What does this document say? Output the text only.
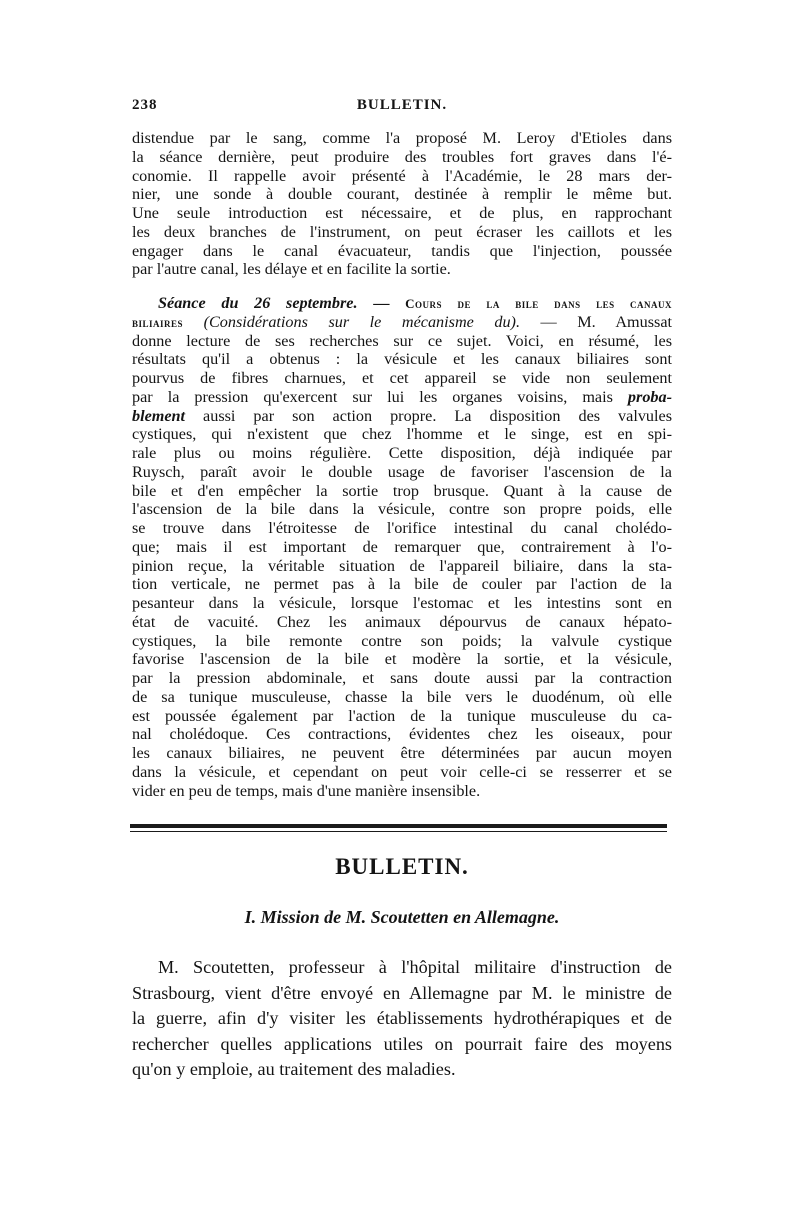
238	BULLETIN.
distendue par le sang, comme l'a proposé M. Leroy d'Etioles dans
la séance dernière, peut produire des troubles fort graves dans l'é-
conomie. Il rappelle avoir présenté à l'Académie, le 28 mars der-
nier, une sonde à double courant, destinée à remplir le même but.
Une seule introduction est nécessaire, et de plus, en rapprochant
les deux branches de l'instrument, on peut écraser les caillots et les
engager dans le canal évacuateur, tandis que l'injection, poussée
par l'autre canal, les délaye et en facilite la sortie.
Séance du 26 septembre. — Cours de la bile dans les canaux
biliaires (Considérations sur le mécanisme du). — M. Amussat
donne lecture de ses recherches sur ce sujet. Voici, en résumé, les
résultats qu'il a obtenus : la vésicule et les canaux biliaires sont
pourvus de fibres charnues, et cet appareil se vide non seulement
par la pression qu'exercent sur lui les organes voisins, mais proba-
blement aussi par son action propre. La disposition des valvules
cystiques, qui n'existent que chez l'homme et le singe, est en spi-
rale plus ou moins régulière. Cette disposition, déjà indiquée par
Ruysch, paraît avoir le double usage de favoriser l'ascension de la
bile et d'en empêcher la sortie trop brusque. Quant à la cause de
l'ascension de la bile dans la vésicule, contre son propre poids, elle
se trouve dans l'étroitesse de l'orifice intestinal du canal cholédo-
que; mais il est important de remarquer que, contrairement à l'o-
pinion reçue, la véritable situation de l'appareil biliaire, dans la sta-
tion verticale, ne permet pas à la bile de couler par l'action de la
pesanteur dans la vésicule, lorsque l'estomac et les intestins sont en
état de vacuité. Chez les animaux dépourvus de canaux hépato-
cystiques, la bile remonte contre son poids; la valvule cystique
favorise l'ascension de la bile et modère la sortie, et la vésicule,
par la pression abdominale, et sans doute aussi par la contraction
de sa tunique musculeuse, chasse la bile vers le duodénum, où elle
est poussée également par l'action de la tunique musculeuse du ca-
nal cholédoque. Ces contractions, évidentes chez les oiseaux, pour
les canaux biliaires, ne peuvent être déterminées par aucun moyen
dans la vésicule, et cependant on peut voir celle-ci se resserrer et se
vider en peu de temps, mais d'une manière insensible.
BULLETIN.
I. Mission de M. Scoutetten en Allemagne.
M. Scoutetten, professeur à l'hôpital militaire d'instruction de
Strasbourg, vient d'être envoyé en Allemagne par M. le ministre de
la guerre, afin d'y visiter les établissements hydrothérapiques et de
rechercher quelles applications utiles on pourrait faire des moyens
qu'on y emploie, au traitement des maladies.
